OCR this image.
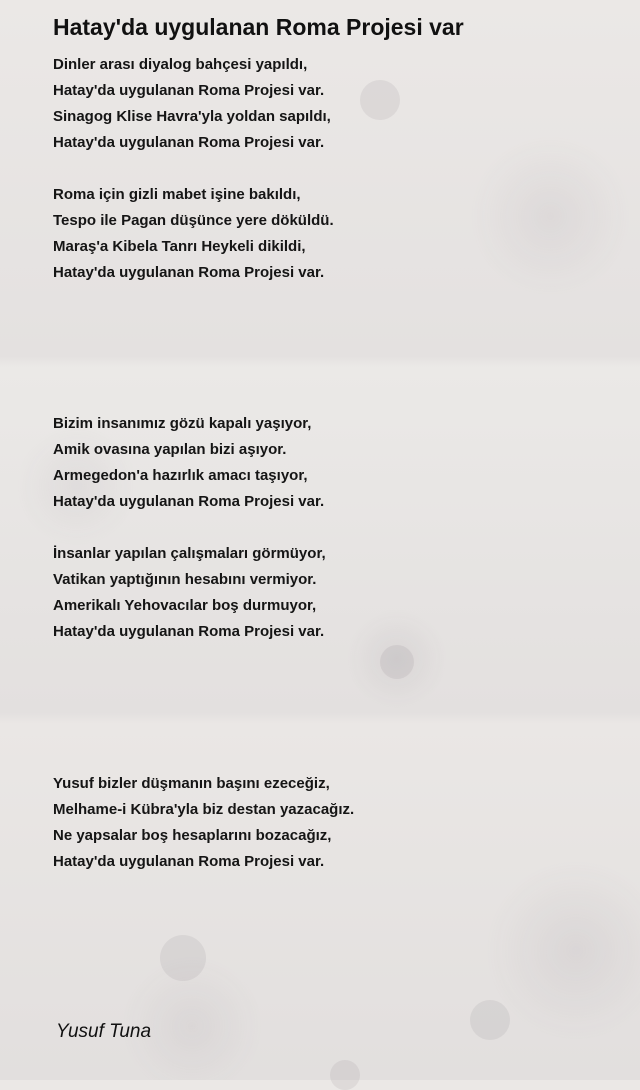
Hatay'da uygulanan Roma Projesi var
Dinler arası diyalog bahçesi yapıldı,
Hatay'da uygulanan Roma Projesi var.
Sinagog Klise Havra'yla yoldan sapıldı,
Hatay'da uygulanan Roma Projesi var.
Roma için gizli mabet işine bakıldı,
Tespo ile Pagan düşünce yere döküldü.
Maraş'a Kibela Tanrı Heykeli dikildi,
Hatay'da uygulanan Roma Projesi var.
Bizim insanımız gözü kapalı yaşıyor,
Amik ovasına yapılan bizi aşıyor.
Armegedon'a hazırlık amacı taşıyor,
Hatay'da uygulanan Roma Projesi var.
İnsanlar yapılan çalışmaları görmüyor,
Vatikan yaptığının hesabını vermiyor.
Amerikalı Yehovacılar boş durmuyor,
Hatay'da uygulanan Roma Projesi var.
Yusuf bizler düşmanın başını ezeceğiz,
Melhame-i Kübra'yla biz destan yazacağız.
Ne yapsalar boş hesaplarını bozacağız,
Hatay'da uygulanan Roma Projesi var.
Yusuf Tuna
